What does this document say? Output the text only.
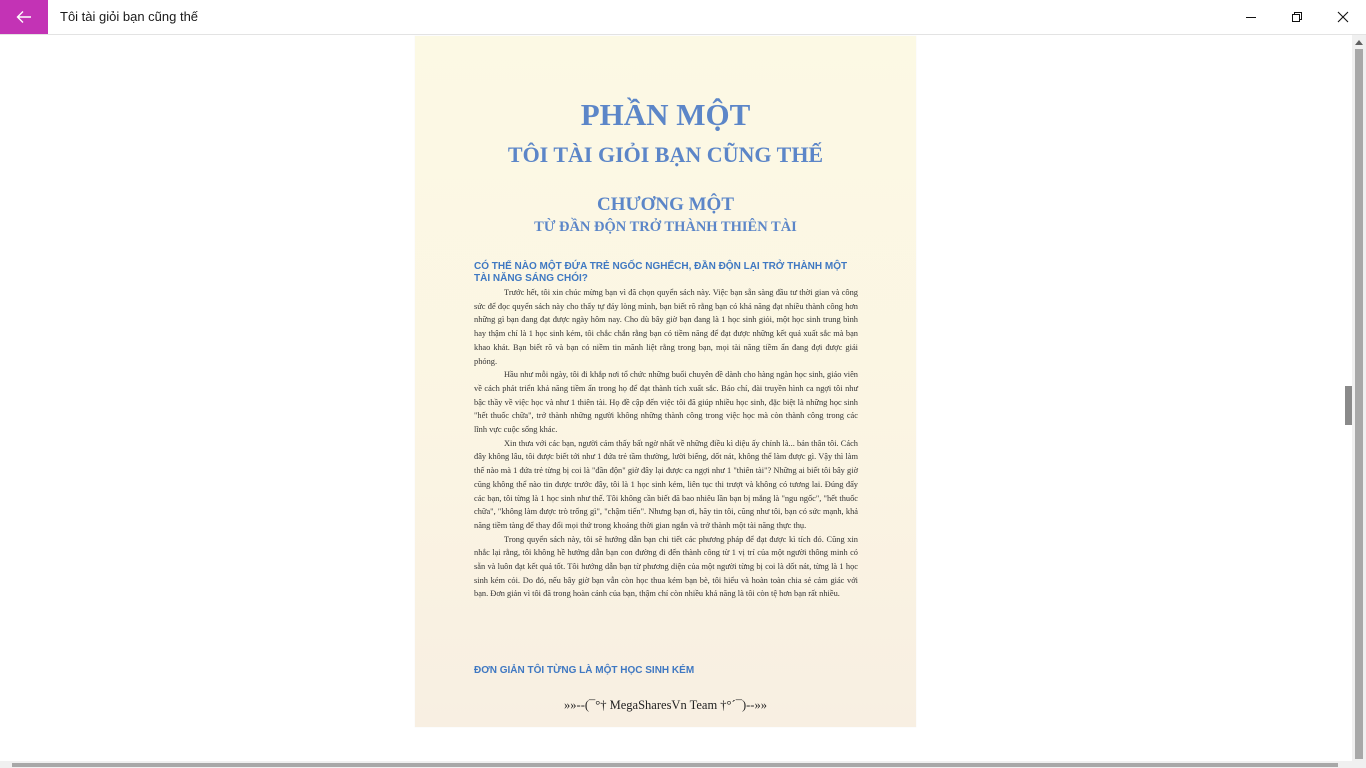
Tôi tài giỏi bạn cũng thế
PHẦN MỘT
TÔI TÀI GIỎI BẠN CŨNG THẾ
CHƯƠNG MỘT
TỪ ĐẦN ĐỘN TRỞ THÀNH THIÊN TÀI
CÓ THỂ NÀO MỘT ĐỨA TRẺ NGỐC NGHẾCH, ĐẦN ĐỘN LẠI TRỞ THÀNH MỘT TÀI NĂNG SÁNG CHÓI?

Trước hết, tôi xin chúc mừng bạn vì đã chọn quyển sách này. Việc bạn sẵn sàng đầu tư thời gian và công sức để đọc quyển sách này cho thấy tự đáy lòng mình, bạn biết rõ rằng bạn có khả năng đạt nhiều thành công hơn những gì bạn đang đạt được ngày hôm nay. Cho dù bây giờ bạn đang là 1 học sinh giỏi, một học sinh trung bình hay thậm chí là 1 học sinh kém, tôi chắc chắn rằng bạn có tiềm năng để đạt được những kết quả xuất sắc mà bạn khao khát. Bạn biết rõ và bạn có niềm tin mãnh liệt rằng trong bạn, mọi tài năng tiềm ẩn đang đợi được giải phóng.

Hầu như mỗi ngày, tôi đi khắp nơi tổ chức những buổi chuyên đề dành cho hàng ngàn học sinh, giáo viên về cách phát triển khả năng tiềm ẩn trong họ để đạt thành tích xuất sắc. Báo chí, đài truyền hình ca ngợi tôi như bậc thầy về việc học và như 1 thiên tài. Họ đề cập đến việc tôi đã giúp nhiều học sinh, đặc biệt là những học sinh "hết thuốc chữa", trở thành những người không những thành công trong việc học mà còn thành công trong các lĩnh vực cuộc sống khác.

Xin thưa với các bạn, người cảm thấy bất ngờ nhất về những điều kì diệu ấy chính là... bản thân tôi. Cách đây không lâu, tôi được biết tới như 1 đứa trẻ tầm thường, lười biếng, dốt nát, không thể làm được gì. Vậy thì làm thế nào mà 1 đứa trẻ từng bị coi là "đần độn" giờ đây lại được ca ngợi như 1 "thiên tài"? Những ai biết tôi bây giờ cũng không thể nào tin được trước đây, tôi là 1 học sinh kém, liên tục thi trượt và không có tương lai. Đúng đấy các bạn, tôi từng là 1 học sinh như thế. Tôi không cần biết đã bao nhiêu lần bạn bị mắng là "ngu ngốc", "hết thuốc chữa", "không làm được trò trống gì", "chậm tiến". Nhưng bạn ơi, hãy tin tôi, cũng như tôi, bạn có sức mạnh, khả năng tiềm tàng để thay đổi mọi thứ trong khoảng thời gian ngắn và trở thành một tài năng thực thụ.

Trong quyển sách này, tôi sẽ hướng dẫn bạn chi tiết các phương pháp để đạt được kì tích đó. Cũng xin nhắc lại rằng, tôi không hề hướng dẫn bạn con đường đi đến thành công từ 1 vị trí của một người thông minh có sẵn và luôn đạt kết quả tốt. Tôi hướng dẫn bạn từ phương diện của một người từng bị coi là dốt nát, từng là 1 học sinh kém cỏi. Do đó, nếu bây giờ bạn vẫn còn học thua kém bạn bè, tôi hiểu và hoàn toàn chia sẻ cảm giác với bạn. Đơn giản vì tôi đã trong hoàn cảnh của bạn, thậm chí còn nhiều khả năng là tôi còn tệ hơn bạn rất nhiều.

ĐƠN GIẢN TÔI TỪNG LÀ MỘT HỌC SINH KÉM
»»--(¯°† MegaSharesVn Team †°´¯)--»»
